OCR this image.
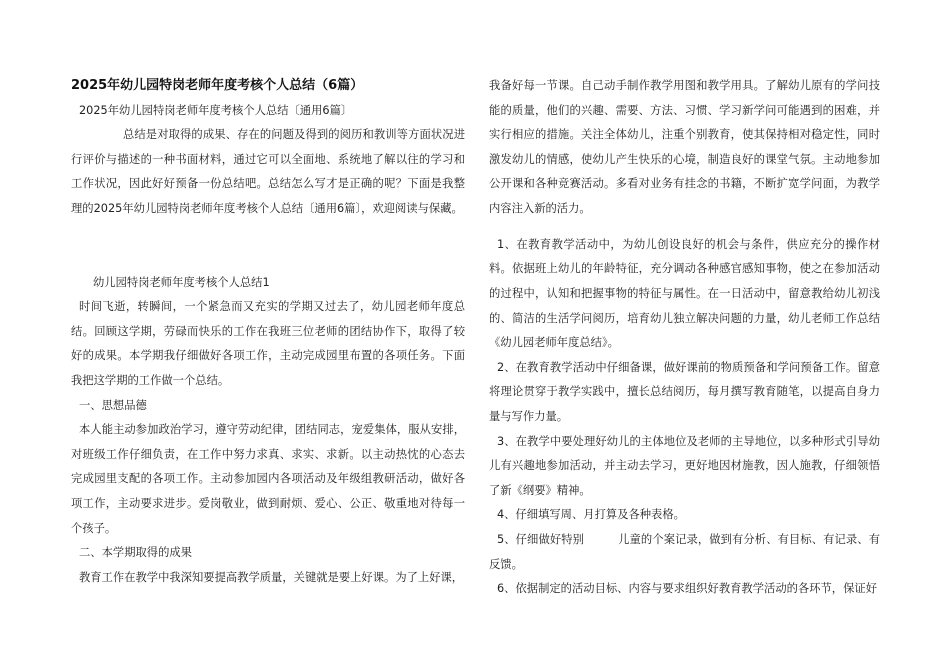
2025年幼儿园特岗老师年度考核个人总结（6篇）

2025年幼儿园特岗老师年度考核个人总结〔通用6篇〕

总结是对取得的成果、存在的问题及得到的阅历和教训等方面状况进行评价与描述的一种书面材料，通过它可以全面地、系统地了解以往的学习和工作状况，因此好好预备一份总结吧。总结怎么写才是正确的呢？下面是我整理的2025年幼儿园特岗老师年度考核个人总结〔通用6篇〕，欢迎阅读与保藏。

幼儿园特岗老师年度考核个人总结1

时间飞逝，转瞬间，一个紧急而又充实的学期又过去了，幼儿园老师年度总结。回顾这学期，劳碌而快乐的工作在我班三位老师的团结协作下，取得了较好的成果。本学期我仔细做好各项工作，主动完成园里布置的各项任务。下面我把这学期的工作做一个总结。

一、思想品德

本人能主动参加政治学习，遵守劳动纪律，团结同志，宠爱集体，服从安排，对班级工作仔细负责，在工作中努力求真、求实、求新。以主动热忱的心态去完成园里支配的各项工作。主动参加园内各项活动及年级组教研活动，做好各项工作，主动要求进步。爱岗敬业，做到耐烦、爱心、公正、敬重地对待每一个孩子。

二、本学期取得的成果

教育工作在教学中我深知要提高教学质量，关键就是要上好课。为了上好课，

我备好每一节课。自己动手制作教学用图和教学用具。了解幼儿原有的学问技能的质量，他们的兴趣、需要、方法、习惯、学习新学问可能遇到的困难，并实行相应的措施。关注全体幼儿，注重个别教育，使其保持相对稳定性，同时激发幼儿的情感，使幼儿产生快乐的心境，制造良好的课堂气氛。主动地参加公开课和各种竞赛活动。多看对业务有挂念的书籍，不断扩宽学问面，为教学内容注入新的活力。

1、在教育教学活动中，为幼儿创设良好的机会与条件，供应充分的操作材料。依据班上幼儿的年龄特征，充分调动各种感官感知事物，使之在参加活动的过程中，认知和把握事物的特征与属性。在一日活动中，留意教给幼儿初浅的、简洁的生活学问阅历，培育幼儿独立解决问题的力量，幼儿老师工作总结《幼儿园老师年度总结》。

2、在教育教学活动中仔细备课，做好课前的物质预备和学问预备工作。留意将理论贯穿于教学实践中，擅长总结阅历，每月撰写教育随笔，以提高自身力量与写作力量。

3、在教学中要处理好幼儿的主体地位及老师的主导地位，以多种形式引导幼儿有兴趣地参加活动，并主动去学习，更好地因材施教，因人施教，仔细领悟了新《纲要》精神。

4、仔细填写周、月打算及各种表格。

5、仔细做好特别　　　儿童的个案记录，做到有分析、有目标、有记录、有反馈。

6、依据制定的活动目标、内容与要求组织好教育教学活动的各环节，保证好
